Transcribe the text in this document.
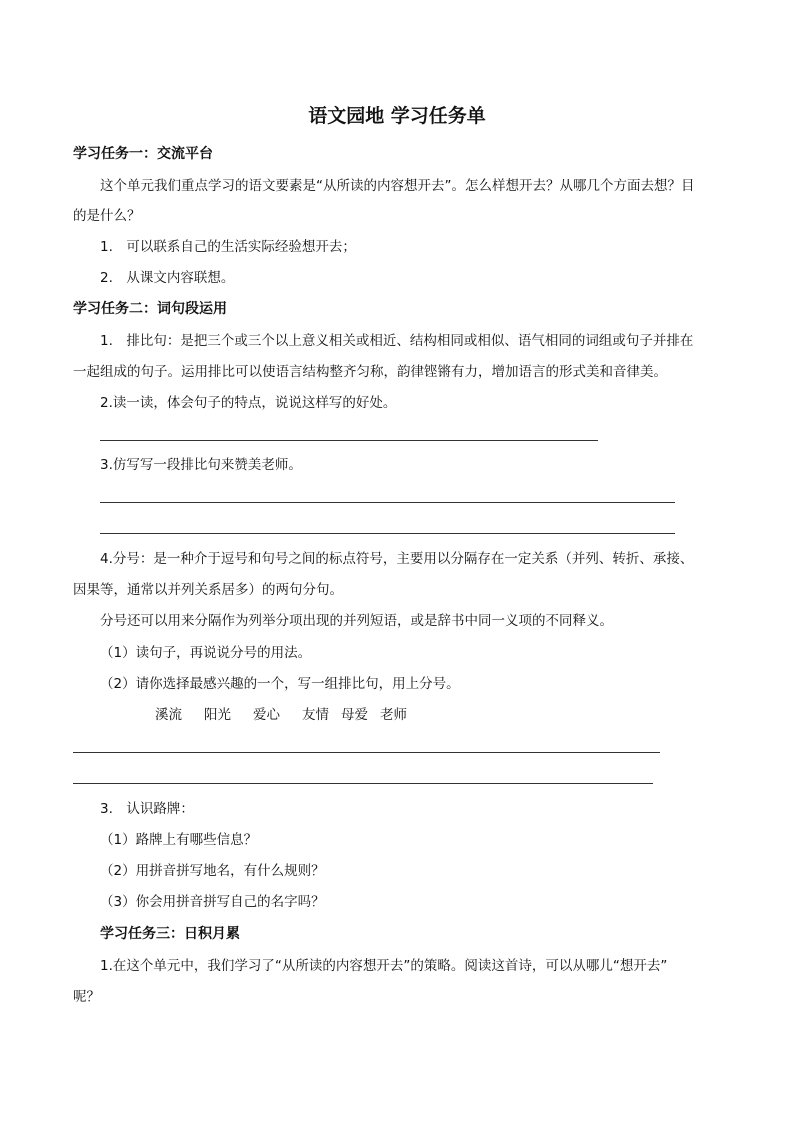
语文园地 学习任务单
学习任务一：交流平台
这个单元我们重点学习的语文要素是“从所读的内容想开去”。怎么样想开去？从哪几个方面去想？目
的是什么？
1.　可以联系自己的生活实际经验想开去；
2.　从课文内容联想。
学习任务二：词句段运用
1.　排比句：是把三个或三个以上意义相关或相近、结构相同或相似、语气相同的词组或句子并排在
一起组成的句子。运用排比可以使语言结构整齐匀称，韵律铿锵有力，增加语言的形式美和音律美。
2.读一读，体会句子的特点，说说这样写的好处。
3.仿写写一段排比句来赞美老师。
4.分号：是一种介于逗号和句号之间的标点符号，主要用以分隔存在一定关系（并列、转折、承接、
因果等，通常以并列关系居多）的两句分句。
分号还可以用来分隔作为列举分项出现的并列短语，或是辞书中同一义项的不同释义。
（1）读句子，再说说分号的用法。
（2）请你选择最感兴趣的一个，写一组排比句，用上分号。
溪流 阳光 爱心 友情 母爱 老师
3.　认识路牌：
（1）路牌上有哪些信息？
（2）用拼音拼写地名，有什么规则？
（3）你会用拼音拼写自己的名字吗？
学习任务三：日积月累
1.在这个单元中，我们学习了“从所读的内容想开去”的策略。阅读这首诗，可以从哪儿“想开去”
呢？
